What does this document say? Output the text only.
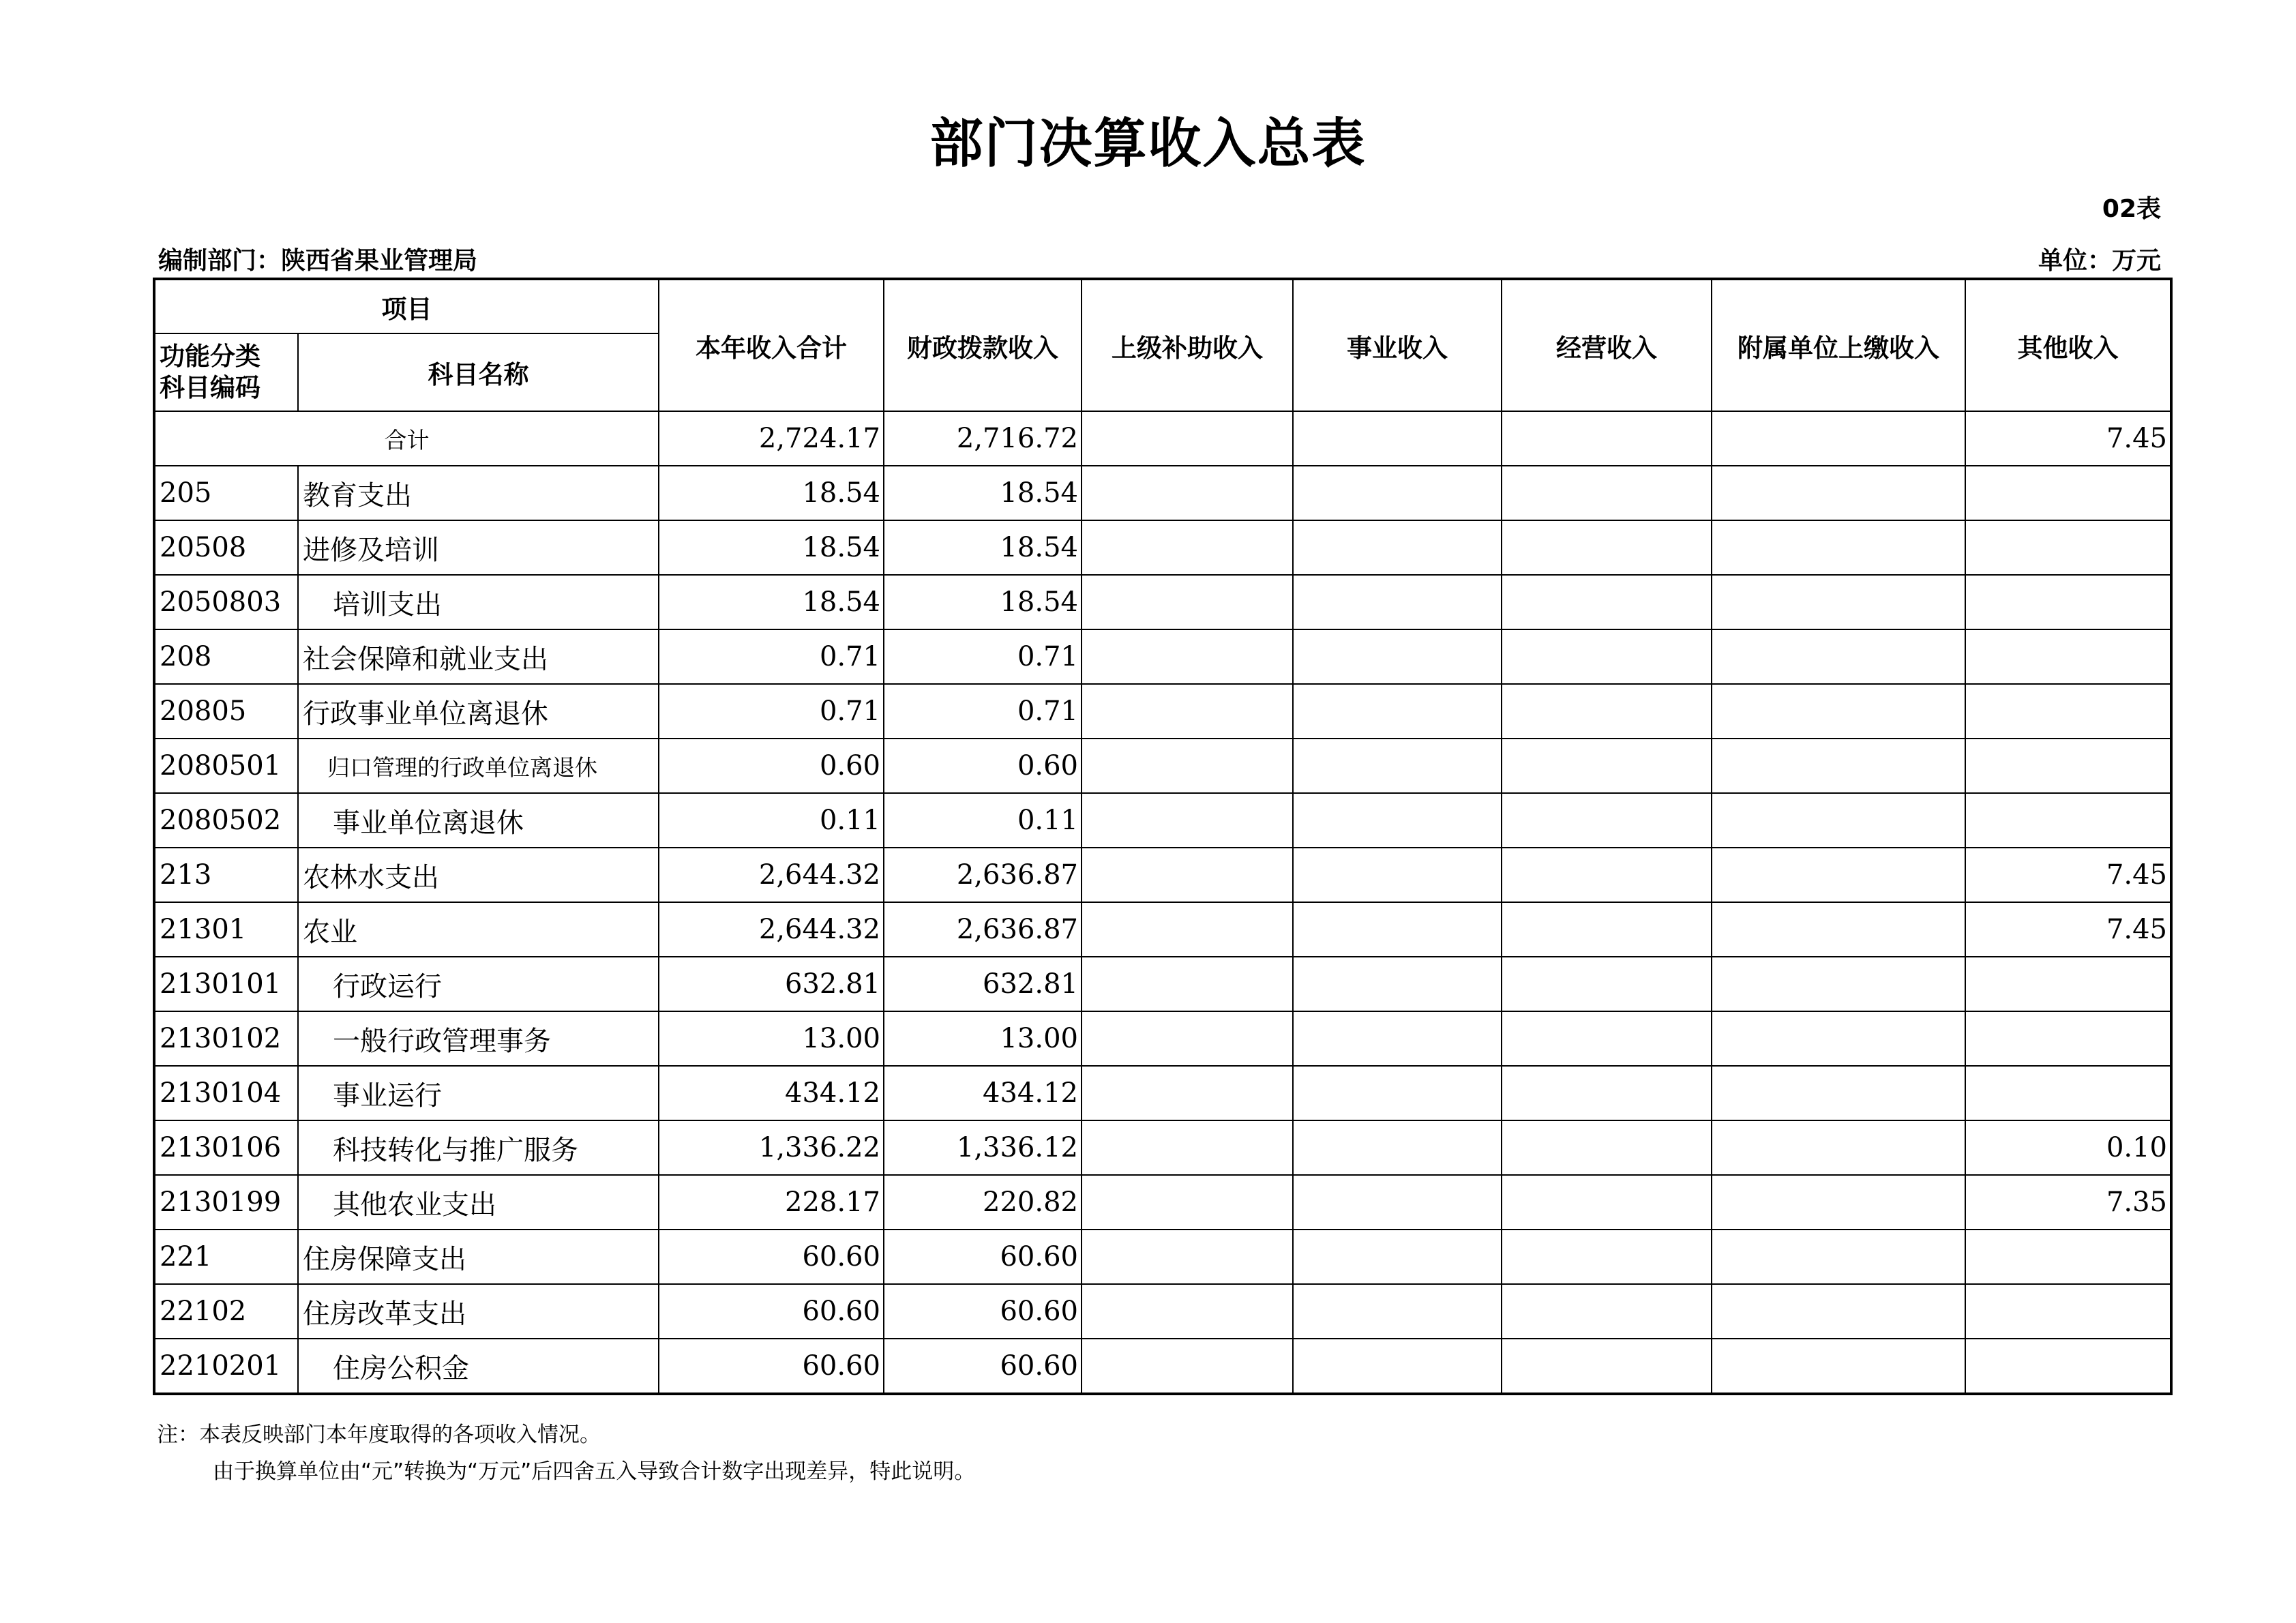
部门决算收入总表
02表
编制部门：陕西省果业管理局	单位：万元
项目		本年收入合计	财政拨款收入	上级补助收入	事业收入	经营收入	附属单位上缴收入	其他收入

功能分类
科目编码	科目名称							
合计		2,724.17	2,716.72					7.45
205	教育支出	18.54	18.54					
20508	进修及培训	18.54	18.54					
2050803	培训支出	18.54	18.54					
208	社会保障和就业支出	0.71	0.71					
20805	行政事业单位离退休	0.71	0.71					
2080501	归口管理的行政单位离退休	0.60	0.60					
2080502	事业单位离退休	0.11	0.11					
213	农林水支出	2,644.32	2,636.87					7.45
21301	农业	2,644.32	2,636.87					7.45
2130101	行政运行	632.81	632.81					
2130102	一般行政管理事务	13.00	13.00					
2130104	事业运行	434.12	434.12					
2130106	科技转化与推广服务	1,336.22	1,336.12					0.10
2130199	其他农业支出	228.17	220.82					7.35
221	住房保障支出	60.60	60.60					
22102	住房改革支出	60.60	60.60					
2210201	住房公积金	60.60	60.60					
注：本表反映部门本年度取得的各项收入情况。
由于换算单位由“元”转换为“万元”后四舍五入导致合计数字出现差异，特此说明。
